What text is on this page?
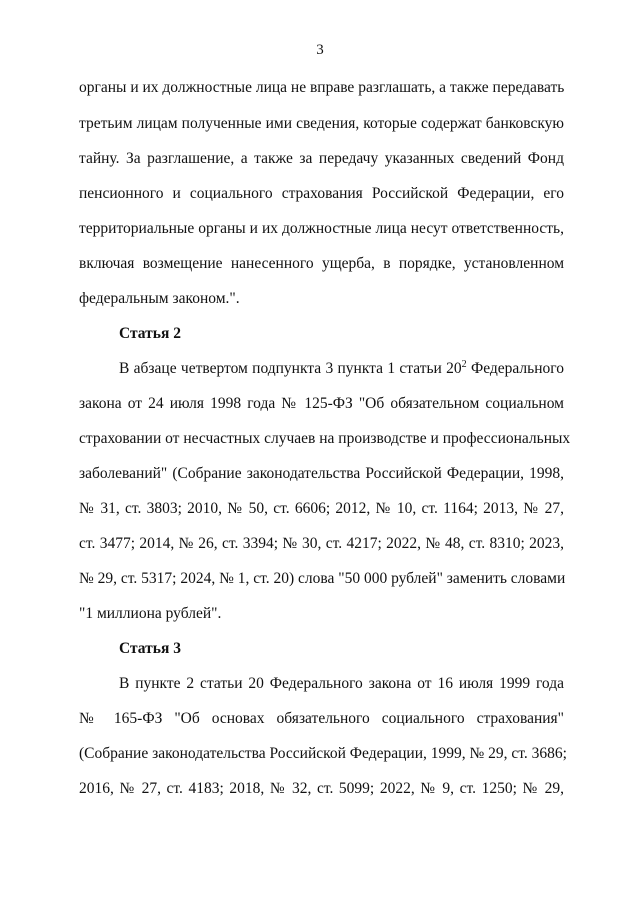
3
органы и их должностные лица не вправе разглашать, а также передавать
третьим лицам полученные ими сведения, которые содержат банковскую
тайну. За разглашение, а также за передачу указанных сведений Фонд
пенсионного и социального страхования Российской Федерации, его
территориальные органы и их должностные лица несут ответственность,
включая возмещение нанесенного ущерба, в порядке, установленном
федеральным законом.".
Статья 2
В абзаце четвертом подпункта 3 пункта 1 статьи $20^2$ Федерального
закона от 24 июля 1998 года № 125-ФЗ "Об обязательном социальном
страховании от несчастных случаев на производстве и профессиональных
заболеваний" (Собрание законодательства Российской Федерации, 1998,
№ 31, ст. 3803; 2010, № 50, ст. 6606; 2012, № 10, ст. 1164; 2013, № 27,
ст. 3477; 2014, № 26, ст. 3394; № 30, ст. 4217; 2022, № 48, ст. 8310; 2023,
№ 29, ст. 5317; 2024, № 1, ст. 20) слова "50 000 рублей" заменить словами
"1 миллиона рублей".
Статья 3
В пункте 2 статьи 20 Федерального закона от 16 июля 1999 года
№ 165-ФЗ "Об основах обязательного социального страхования"
(Собрание законодательства Российской Федерации, 1999, № 29, ст. 3686;
2016, № 27, ст. 4183; 2018, № 32, ст. 5099; 2022, № 9, ст. 1250; № 29,
